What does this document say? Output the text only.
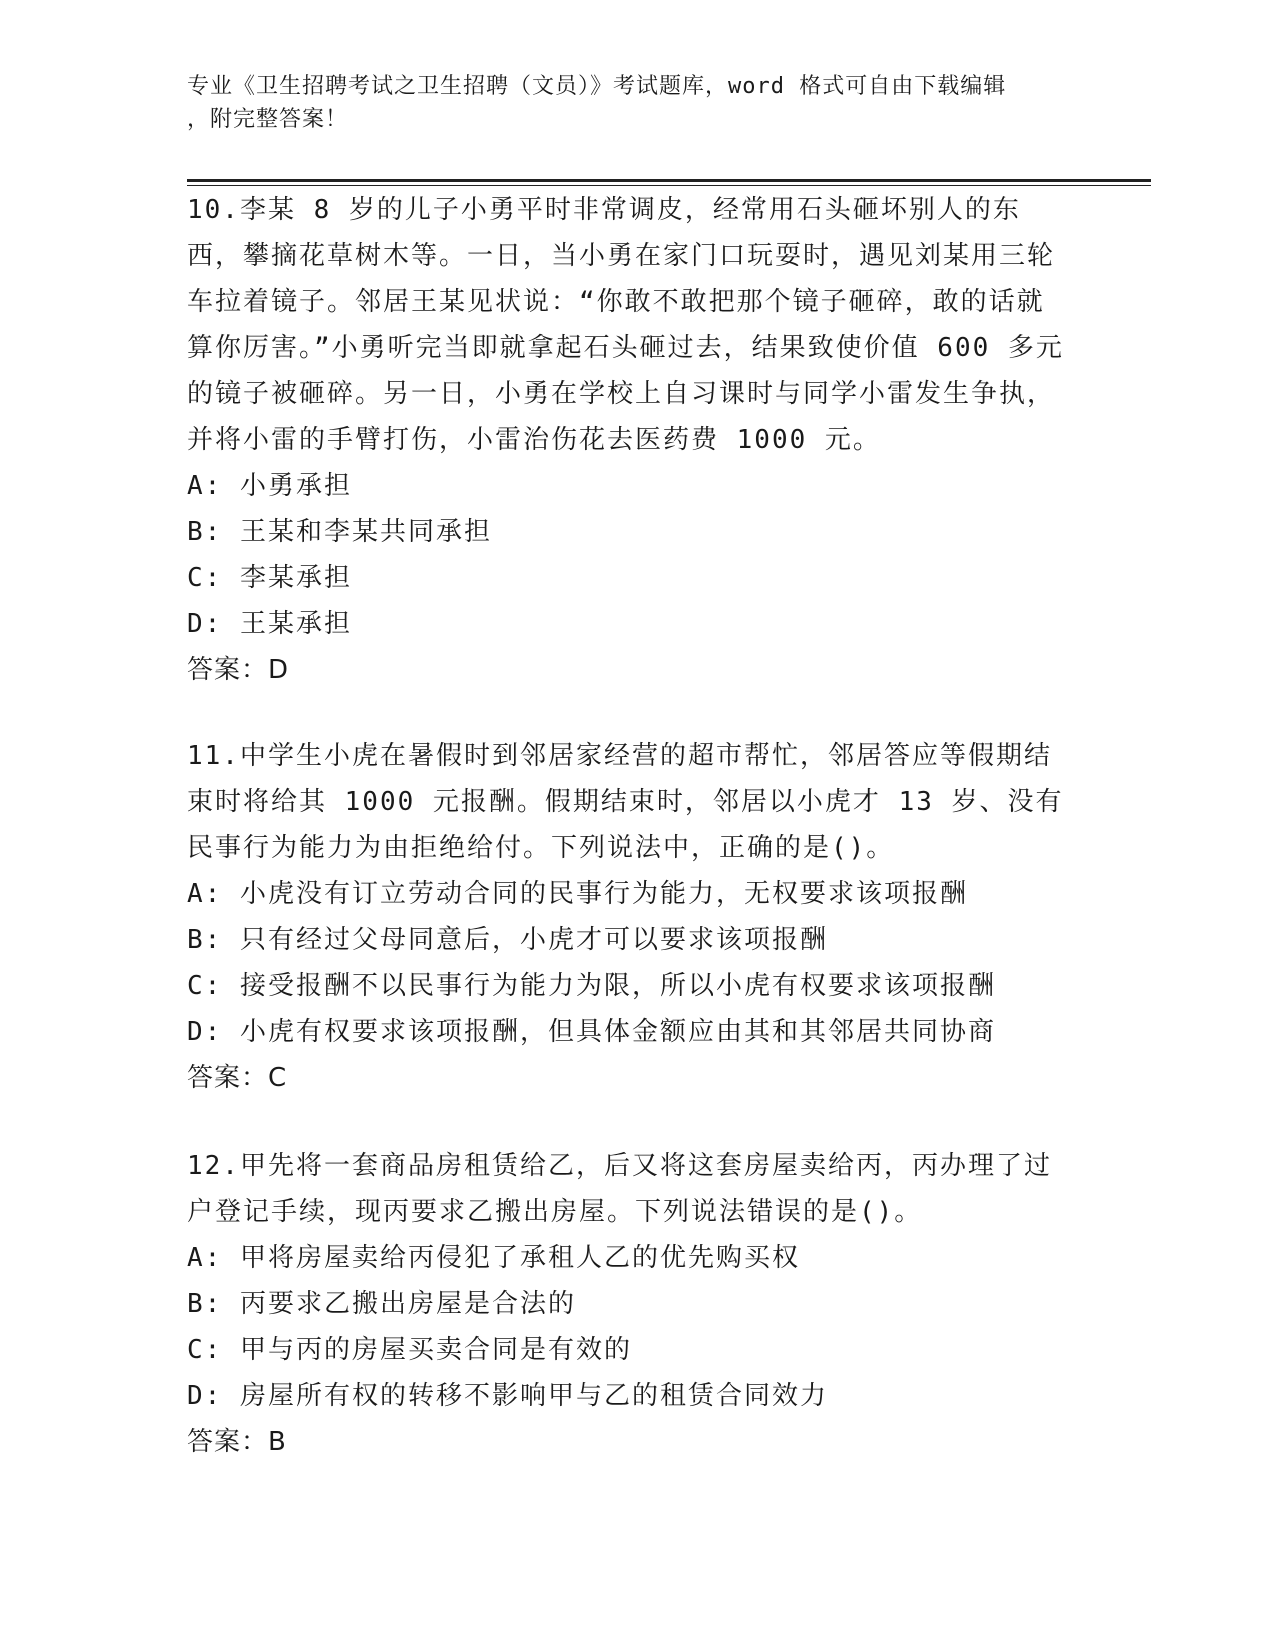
专业《卫生招聘考试之卫生招聘（文员）》考试题库，word 格式可自由下载编辑

，附完整答案！

10.李某 8 岁的儿子小勇平时非常调皮，经常用石头砸坏别人的东西，攀摘花草树木等。一日，当小勇在家门口玩耍时，遇见刘某用三轮车拉着镜子。邻居王某见状说：“你敢不敢把那个镜子砸碎，敢的话就算你厉害。”小勇听完当即就拿起石头砸过去，结果致使价值 600 多元的镜子被砸碎。另一日，小勇在学校上自习课时与同学小雷发生争执，并将小雷的手臂打伤，小雷治伤花去医药费 1000 元。
A: 小勇承担
B: 王某和李某共同承担
C: 李某承担
D: 王某承担
答案：D
11.中学生小虎在暑假时到邻居家经营的超市帮忙，邻居答应等假期结束时将给其 1000 元报酬。假期结束时，邻居以小虎才 13 岁、没有民事行为能力为由拒绝给付。下列说法中，正确的是()。
A: 小虎没有订立劳动合同的民事行为能力，无权要求该项报酬
B: 只有经过父母同意后，小虎才可以要求该项报酬
C: 接受报酬不以民事行为能力为限，所以小虎有权要求该项报酬
D: 小虎有权要求该项报酬，但具体金额应由其和其邻居共同协商
答案：C
12.甲先将一套商品房租赁给乙，后又将这套房屋卖给丙，丙办理了过户登记手续，现丙要求乙搬出房屋。下列说法错误的是()。
A: 甲将房屋卖给丙侵犯了承租人乙的优先购买权
B: 丙要求乙搬出房屋是合法的
C: 甲与丙的房屋买卖合同是有效的
D: 房屋所有权的转移不影响甲与乙的租赁合同效力
答案：B
